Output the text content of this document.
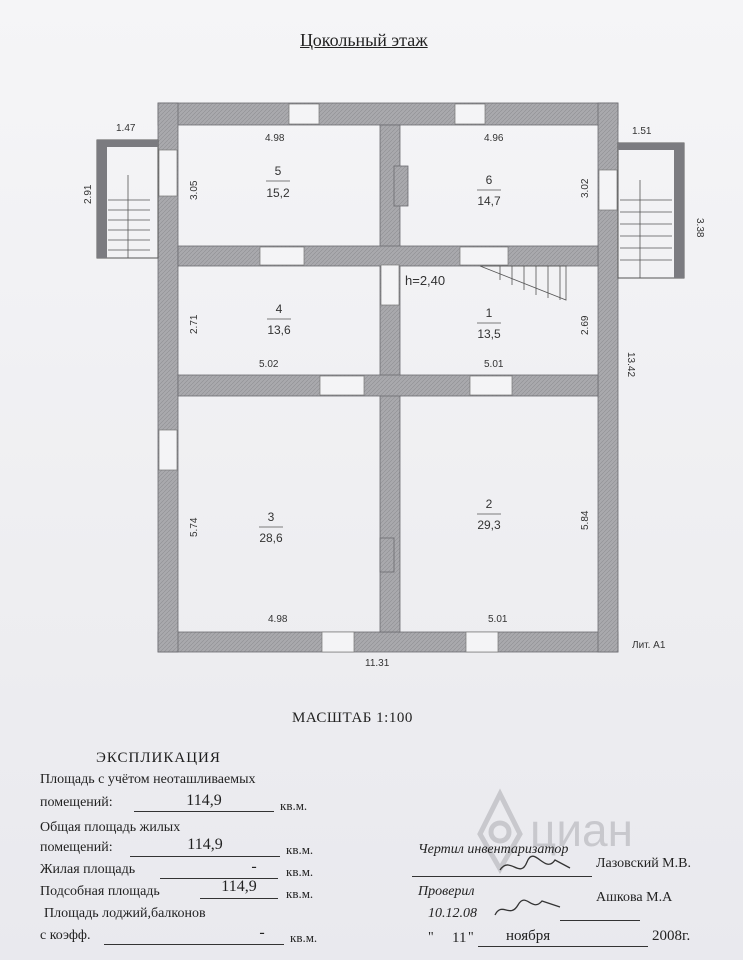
Цокольный этаж
5
15,2
6
14,7
4
13,6
1
13,5
3
28,6
2
29,3
h=2,40
1.47	1.51
4.98	4.96
5.02	5.01
4.98	5.01
11.31
Лит. А1
2.91	3.05	3.02
3.38
2.71	2.69
13.42
5.74	5.84
МАСШТАБ 1:100
ЭКСПЛИКАЦИЯ
Площадь с учётом неоташливаемых
помещений:	114,9	кв.м.
Общая площадь жилых
помещений:	114,9	кв.м.
Жилая площадь	-	кв.м.
Подсобная площадь	114,9	кв.м.
Площадь лоджий,балконов
с коэфф.	-	кв.м.
циан
Чертил инвентаризатор
Лазовский М.В.
Проверил
10.12.08
Ашкова М.А
" 11 " ноября	2008г.
